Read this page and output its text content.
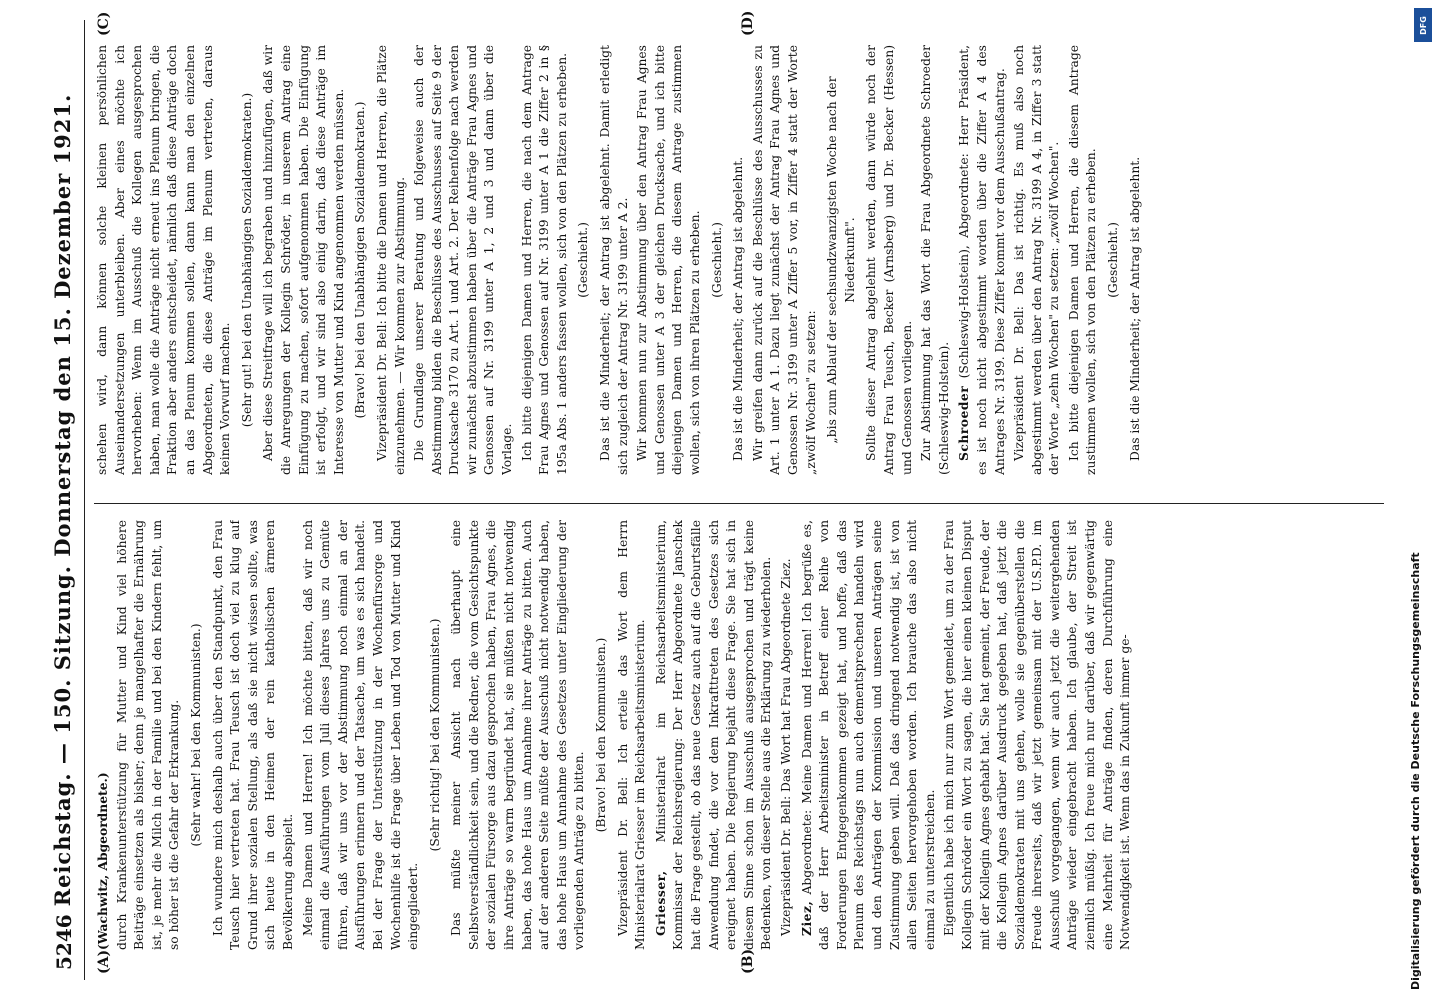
5246
Reichstag. — 150. Sitzung. Donnerstag den 15. Dezember 1921.
(A)	(B)
(C)	(D)

(Wachwitz, Abgeordnete.) durch Krankenunterstützung für Mutter und Kind viel höhere Beiträge einsetzen als bisher; denn je mangelhafter die Ernährung ist, je mehr die Milch in der Familie und bei den Kindern fehlt, um so höher ist die Gefahr der Erkrankung. (Sehr wahr! bei den Kommunisten.) Ich wundere mich deshalb auch über den Standpunkt, den Frau Teusch hier vertreten hat. Frau Teusch ist doch viel zu klug auf Grund ihrer sozialen Stellung, als daß sie nicht wissen sollte, was sich heute in den Heimen der rein katholischen ärmeren Bevölkerung abspielt. Meine Damen und Herren! Ich möchte bitten, daß wir noch einmal die Ausführungen vom Juli dieses Jahres uns zu Gemüte führen, daß wir uns vor der Abstimmung noch einmal an der Ausführungen erinnern und der Tatsache, um was es sich handelt. Bei der Frage der Unterstützung in der Wochenfürsorge und Wochenhilfe ist die Frage über Leben und Tod von Mutter und Kind eingegliedert.

(Sehr richtig! bei den Kommunisten.) Das müßte meiner Ansicht nach überhaupt eine Selbstverständlichkeit sein, und die Redner, die vom Gesichtspunkte der sozialen Fürsorge aus dazu gesprochen haben, Frau Agnes, die ihre Anträge so warm begründet hat, sie müßten nicht notwendig haben, das hohe Haus um Annahme ihrer Anträge zu bitten. Auch auf der anderen Seite müßte der Ausschuß nicht notwendig haben, das hohe Haus um Annahme des Gesetzes unter Eingliederung der vorliegenden Anträge zu bitten.

(Bravo! bei den Kommunisten.) Vizepräsident Dr. Bell: Ich erteile das Wort dem Herrn Ministerialrat Griesser im Reichsarbeitsministerium. Griesser, Ministerialrat im Reichsarbeitsministerium, Kommissar der Reichsregierung: Der Herr Abgeordnete Janschek hat die Frage gestellt, ob das neue Gesetz auch auf die Geburtsfälle Anwendung findet, die vor dem Inkrafttreten des Gesetzes sich ereignet haben. Die Regierung bejaht diese Frage. Sie hat sich in diesem Sinne schon im Ausschuß ausgesprochen und trägt keine Bedenken, von dieser Stelle aus die Erklärung zu wiederholen. Vizepräsident Dr. Bell: Das Wort hat Frau Abgeordnete Ziez. Ziez, Abgeordnete: Meine Damen und Herren! Ich begrüße es, daß der Herr Arbeitsminister in Betreff einer Reihe von Forderungen Entgegenkommen gezeigt hat, und hoffe, daß das Plenum des Reichstags nun auch dementsprechend handeln wird und den Anträgen der Kommission und unseren Anträgen seine Zustimmung geben will. Daß das dringend notwendig ist, ist von allen Seiten hervorgehoben worden. Ich brauche das also nicht einmal zu unterstreichen. Eigentlich habe ich mich nur zum Wort gemeldet, um zu der Frau Kollegin Schröder ein Wort zu sagen, die hier einen kleinen Disput mit der Kollegin Agnes gehabt hat. Sie hat gemeint, der Freude, der die Kollegin Agnes darüber Ausdruck gegeben hat, daß jetzt die Sozialdemokraten mit uns gehen, wolle sie gegenüberstellen die Freude ihrerseits, daß wir jetzt gemeinsam mit der U.S.P.D. im Ausschuß vorgegangen, wenn wir auch jetzt die weitergehenden Anträge wieder eingebracht haben. Ich glaube, der Streit ist ziemlich müßig. Ich freue mich nur darüber, daß wir gegenwärtig eine Mehrheit für Anträge finden, deren Durchführung eine Notwendigkeit ist. Wenn das in Zukunft immer ge-

schehen wird, dann können solche kleinen persönlichen Auseinandersetzungen unterbleiben. Aber eines möchte ich hervorheben: Wenn im Ausschuß die Kollegen ausgesprochen haben, man wolle die Anträge nicht erneut ins Plenum bringen, die Fraktion aber anders entscheidet, nämlich daß diese Anträge doch an das Plenum kommen sollen, dann kann man den einzelnen Abgeordneten, die diese Anträge im Plenum vertreten, daraus keinen Vorwurf machen. (Sehr gut! bei den Unabhängigen Sozialdemokraten.) Aber diese Streitfrage will ich begraben und hinzufügen, daß wir die Anregungen der Kollegin Schröder, in unserem Antrag eine Einfügung zu machen, sofort aufgenommen haben. Die Einfügung ist erfolgt, und wir sind also einig darin, daß diese Anträge im Interesse von Mutter und Kind angenommen werden müssen. (Bravo! bei den Unabhängigen Sozialdemokraten.) Vizepräsident Dr. Bell: Ich bitte die Damen und Herren, die Plätze einzunehmen. — Wir kommen zur Abstimmung. Die Grundlage unserer Beratung und folgeweise auch der Abstimmung bilden die Beschlüsse des Ausschusses auf Seite 9 der Drucksache 3170 zu Art. 1 und Art. 2. Der Reihenfolge nach werden wir zunächst abzustimmen haben über die Anträge Frau Agnes und Genossen auf Nr. 3199 unter A 1, 2 und 3 und dann über die Vorlage. Ich bitte diejenigen Damen und Herren, die nach dem Antrage Frau Agnes und Genossen auf Nr. 3199 unter A 1 die Ziffer 2 in § 195a Abs. 1 anders fassen wollen, sich von den Plätzen zu erheben. (Geschieht.) Das ist die Minderheit; der Antrag ist abgelehnt. Damit erledigt sich zugleich der Antrag Nr. 3199 unter A 2. Wir kommen nun zur Abstimmung über den Antrag Frau Agnes und Genossen unter A 3 der gleichen Drucksache, und ich bitte diejenigen Damen und Herren, die diesem Antrage zustimmen wollen, sich von ihren Plätzen zu erheben. (Geschieht.) Das ist die Minderheit; der Antrag ist abgelehnt. Wir greifen dann zurück auf die Beschlüsse des Ausschusses zu Art. 1 unter A 1. Dazu liegt zunächst der Antrag Frau Agnes und Genossen Nr. 3199 unter A Ziffer 5 vor, in Ziffer 4 statt der Worte „zwölf Wochen" zu setzen: „bis zum Ablauf der sechsundzwanzigsten Woche nach der Niederkunft". Sollte dieser Antrag abgelehnt werden, dann würde noch der Antrag Frau Teusch, Becker (Arnsberg) und Dr. Becker (Hessen) und Genossen vorliegen. Zur Abstimmung hat das Wort die Frau Abgeordnete Schroeder (Schleswig-Holstein). Schroeder (Schleswig-Holstein), Abgeordnete: Herr Präsident, es ist noch nicht abgestimmt worden über die Ziffer A 4 des Antrages Nr. 3199. Diese Ziffer kommt vor dem Ausschußantrag. Vizepräsident Dr. Bell: Das ist richtig. Es muß also noch abgestimmt werden über den Antrag Nr. 3199 A 4, in Ziffer 3 statt der Worte „zehn Wochen" zu setzen: „zwölf Wochen". Ich bitte diejenigen Damen und Herren, die diesem Antrage zustimmen wollen, sich von den Plätzen zu erheben. (Geschieht.) Das ist die Minderheit; der Antrag ist abgelehnt.

DFG
Digitalisierung gefördert durch die Deutsche Forschungsgemeinschaft
